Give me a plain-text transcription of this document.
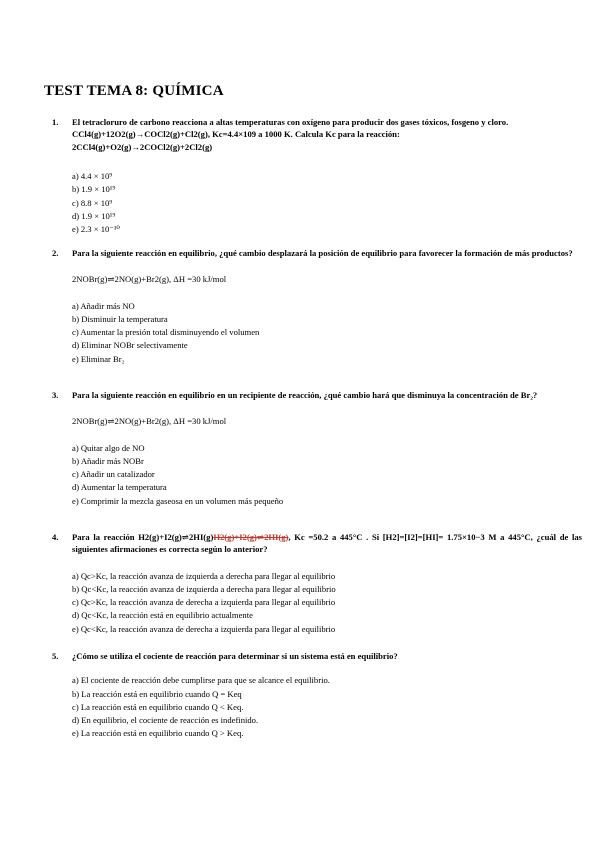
TEST TEMA 8: QUÍMICA
1.	El tetracloruro de carbono reacciona a altas temperaturas con oxígeno para producir dos gases tóxicos, fosgeno y cloro.
CCl4(g)+12O2(g)→COCl2(g)+Cl2(g), Kc=4.4×109 a 1000 K. Calcula Kc para la reacción:
2CCl4(g)+O2(g)→2COCl2(g)+2Cl2(g)
a) 4.4 × 10⁹
b) 1.9 × 10¹⁹
c) 8.8 × 10⁹
d) 1.9 × 10¹⁹
e) 2.3 × 10⁻¹⁰
2.	Para la siguiente reacción en equilibrio, ¿qué cambio desplazará la posición de equilibrio para favorecer la formación de más productos?
2NOBr(g)⇌2NO(g)+Br2(g), ΔH =30 kJ/mol
a) Añadir más NO
b) Disminuir la temperatura
c) Aumentar la presión total disminuyendo el volumen
d) Eliminar NOBr selectivamente
e) Eliminar Br₂
3.	Para la siguiente reacción en equilibrio en un recipiente de reacción, ¿qué cambio hará que disminuya la concentración de Br₂?
2NOBr(g)⇌2NO(g)+Br2(g), ΔH =30 kJ/mol
a) Quitar algo de NO
b) Añadir más NOBr
c) Añadir un catalizador
d) Aumentar la temperatura
e) Comprimir la mezcla gaseosa en un volumen más pequeño
4.	Para la reacción H2(g)+I2(g)⇌2HI(g)H2(g)+I2(g)⇌2HI(g), Kc =50.2 a 445°C . Si [H2]=[I2]=[HI]= 1.75×10−3 M a 445°C, ¿cuál de las siguientes afirmaciones es correcta según lo anterior?
a) Qc>Kc, la reacción avanza de izquierda a derecha para llegar al equilibrio
b) Qc<Kc, la reacción avanza de izquierda a derecha para llegar al equilibrio
c) Qc>Kc, la reacción avanza de derecha a izquierda para llegar al equilibrio
d) Qc<Kc, la reacción está en equilibrio actualmente
e) Qc<Kc, la reacción avanza de derecha a izquierda para llegar al equilibrio
5.	¿Cómo se utiliza el cociente de reacción para determinar si un sistema está en equilibrio?
a) El cociente de reacción debe cumplirse para que se alcance el equilibrio.
b) La reacción está en equilibrio cuando Q = Keq
c) La reacción está en equilibrio cuando Q < Keq.
d) En equilibrio, el cociente de reacción es indefinido.
e) La reacción está en equilibrio cuando Q > Keq.
